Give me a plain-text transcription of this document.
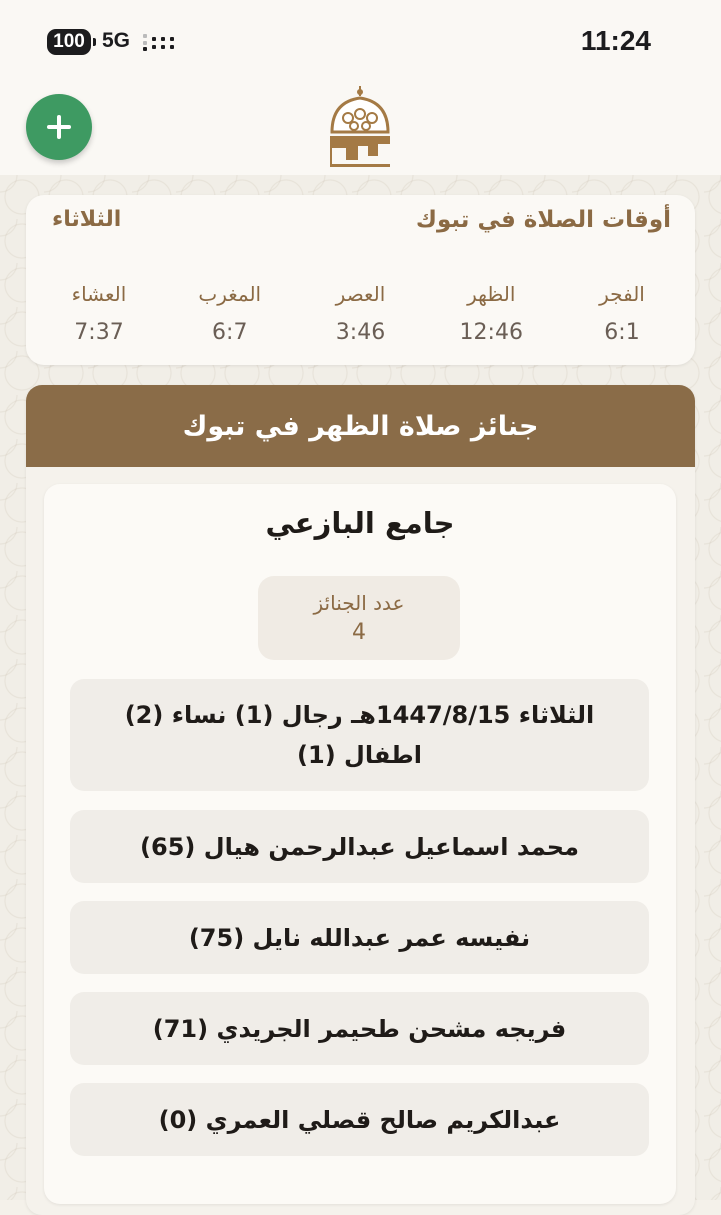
100 5G	11:24
أوقات الصلاة في تبوك
الثلاثاء
الفجر
6:1
الظهر
12:46
العصر
3:46
المغرب
6:7
العشاء
7:37
جنائز صلاة الظهر في تبوك
جامع البازعي
عدد الجنائز
4
الثلاثاء 1447/8/15هـ رجال (1) نساء (2) اطفال (1)
محمد اسماعيل عبدالرحمن هيال (65)
نفيسه عمر عبدالله نايل (75)
فريجه مشحن طحيمر الجريدي (71)
عبدالكريم صالح قصلي العمري (0)
